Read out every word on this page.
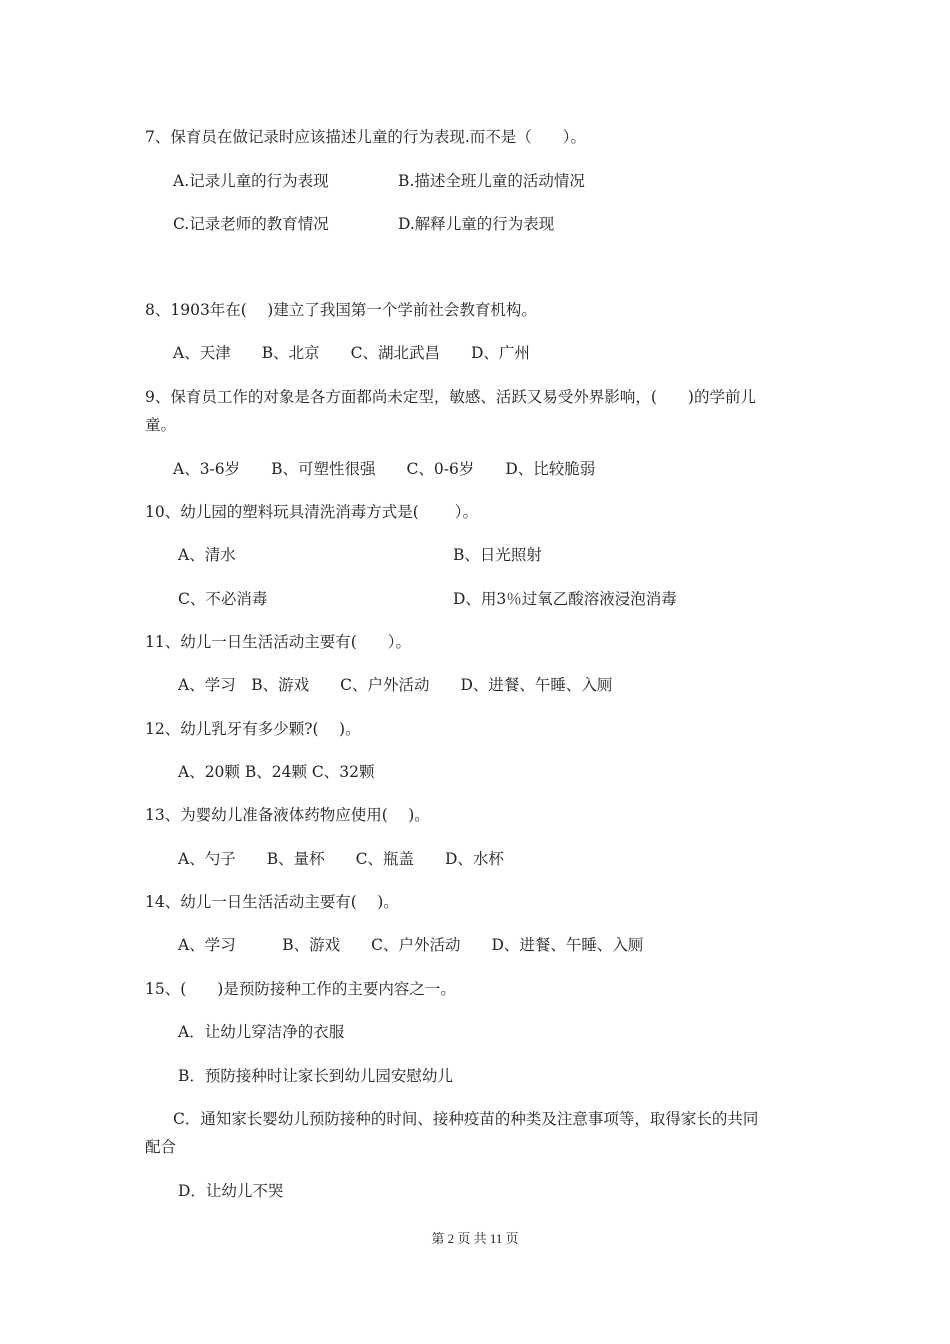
7、保育员在做记录时应该描述儿童的行为表现.而不是（　　）。
A.记录儿童的行为表现	B.描述全班儿童的活动情况
C.记录老师的教育情况	D.解释儿童的行为表现
8、1903年在(　 )建立了我国第一个学前社会教育机构。
A、天津　　B、北京　　C、湖北武昌　　D、广州
9、保育员工作的对象是各方面都尚未定型，敏感、活跃又易受外界影响，(　　)的学前儿
童。
A、3-6岁　　B、可塑性很强　　C、0-6岁　　D、比较脆弱
10、幼儿园的塑料玩具清洗消毒方式是(　　 ）。
A、清水	B、日光照射
C、不必消毒	D、用3％过氧乙酸溶液浸泡消毒
11、幼儿一日生活活动主要有(　　）。
A、学习　B、游戏　　C、户外活动　　D、进餐、午睡、入厕
12、幼儿乳牙有多少颗?(　 )。
A、20颗 B、24颗 C、32颗
13、为婴幼儿准备液体药物应使用(　 )。
A、勺子　　B、量杯　　C、瓶盖　　D、水杯
14、幼儿一日生活活动主要有(　 )。
A、学习　　　B、游戏　　C、户外活动　　D、进餐、午睡、入厕
15、(　　)是预防接种工作的主要内容之一。
A．让幼儿穿洁净的衣服
B．预防接种时让家长到幼儿园安慰幼儿
C．通知家长婴幼儿预防接种的时间、接种疫苗的种类及注意事项等，取得家长的共同
配合
D．让幼儿不哭
第 2 页 共 11 页
